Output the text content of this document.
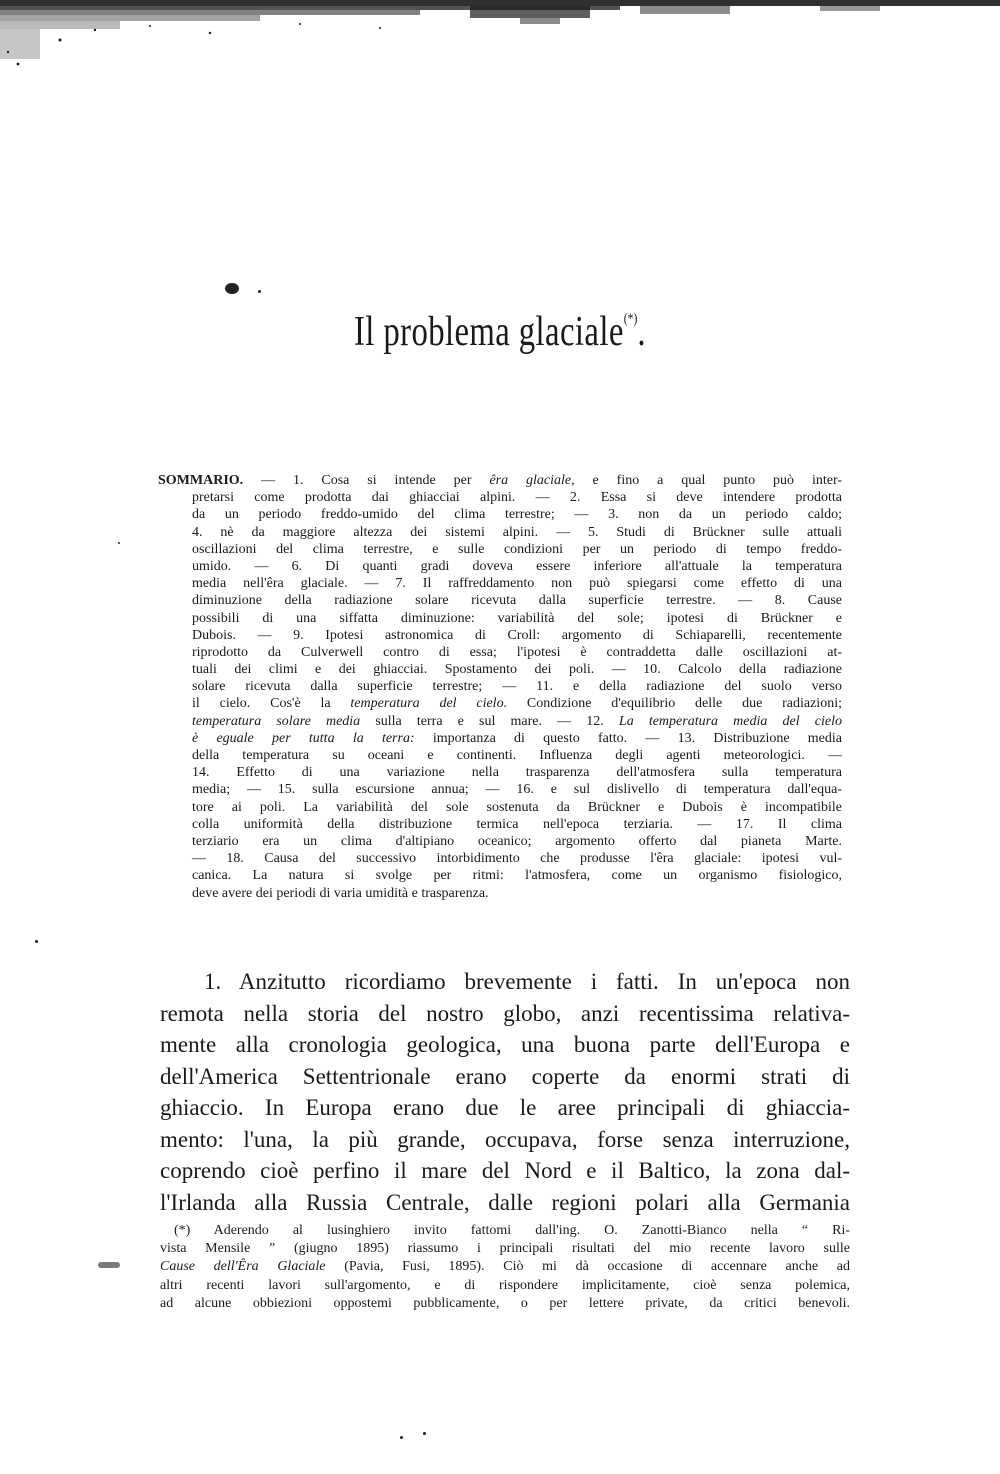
Il problema glaciale(*).
SOMMARIO. — 1. Cosa si intende per êra glaciale, e fino a qual punto può inter-
pretarsi come prodotta dai ghiacciai alpini. — 2. Essa si deve intendere prodotta
da un periodo freddo-umido del clima terrestre; — 3. non da un periodo caldo;
4. nè da maggiore altezza dei sistemi alpini. — 5. Studi di Brückner sulle attuali
oscillazioni del clima terrestre, e sulle condizioni per un periodo di tempo freddo-
umido. — 6. Di quanti gradi doveva essere inferiore all'attuale la temperatura
media nell'êra glaciale. — 7. Il raffreddamento non può spiegarsi come effetto di una
diminuzione della radiazione solare ricevuta dalla superficie terrestre. — 8. Cause
possibili di una siffatta diminuzione: variabilità del sole; ipotesi di Brückner e
Dubois. — 9. Ipotesi astronomica di Croll: argomento di Schiaparelli, recentemente
riprodotto da Culverwell contro di essa; l'ipotesi è contraddetta dalle oscillazioni at-
tuali dei climi e dei ghiacciai. Spostamento dei poli. — 10. Calcolo della radiazione
solare ricevuta dalla superficie terrestre; — 11. e della radiazione del suolo verso
il cielo. Cos'è la temperatura del cielo. Condizione d'equilibrio delle due radiazioni;
temperatura solare media sulla terra e sul mare. — 12. La temperatura media del cielo
è eguale per tutta la terra: importanza di questo fatto. — 13. Distribuzione media
della temperatura su oceani e continenti. Influenza degli agenti meteorologici. —
14. Effetto di una variazione nella trasparenza dell'atmosfera sulla temperatura
media; — 15. sulla escursione annua; — 16. e sul dislivello di temperatura dall'equa-
tore ai poli. La variabilità del sole sostenuta da Brückner e Dubois è incompatibile
colla uniformità della distribuzione termica nell'epoca terziaria. — 17. Il clima
terziario era un clima d'altipiano oceanico; argomento offerto dal pianeta Marte.
— 18. Causa del successivo intorbidimento che produsse l'êra glaciale: ipotesi vul-
canica. La natura si svolge per ritmi: l'atmosfera, come un organismo fisiologico,
deve avere dei periodi di varia umidità e trasparenza.
1. Anzitutto ricordiamo brevemente i fatti. In un'epoca non
remota nella storia del nostro globo, anzi recentissima relativa-
mente alla cronologia geologica, una buona parte dell'Europa e
dell'America Settentrionale erano coperte da enormi strati di
ghiaccio. In Europa erano due le aree principali di ghiaccia-
mento: l'una, la più grande, occupava, forse senza interruzione,
coprendo cioè perfino il mare del Nord e il Baltico, la zona dal-
l'Irlanda alla Russia Centrale, dalle regioni polari alla Germania
(*) Aderendo al lusinghiero invito fattomi dall'ing. O. Zanotti-Bianco nella “ Ri-
vista Mensile ” (giugno 1895) riassumo i principali risultati del mio recente lavoro sulle
Cause dell'Êra Glaciale (Pavia, Fusi, 1895). Ciò mi dà occasione di accennare anche ad
altri recenti lavori sull'argomento, e di rispondere implicitamente, cioè senza polemica,
ad alcune obbiezioni oppostemi pubblicamente, o per lettere private, da critici benevoli.
